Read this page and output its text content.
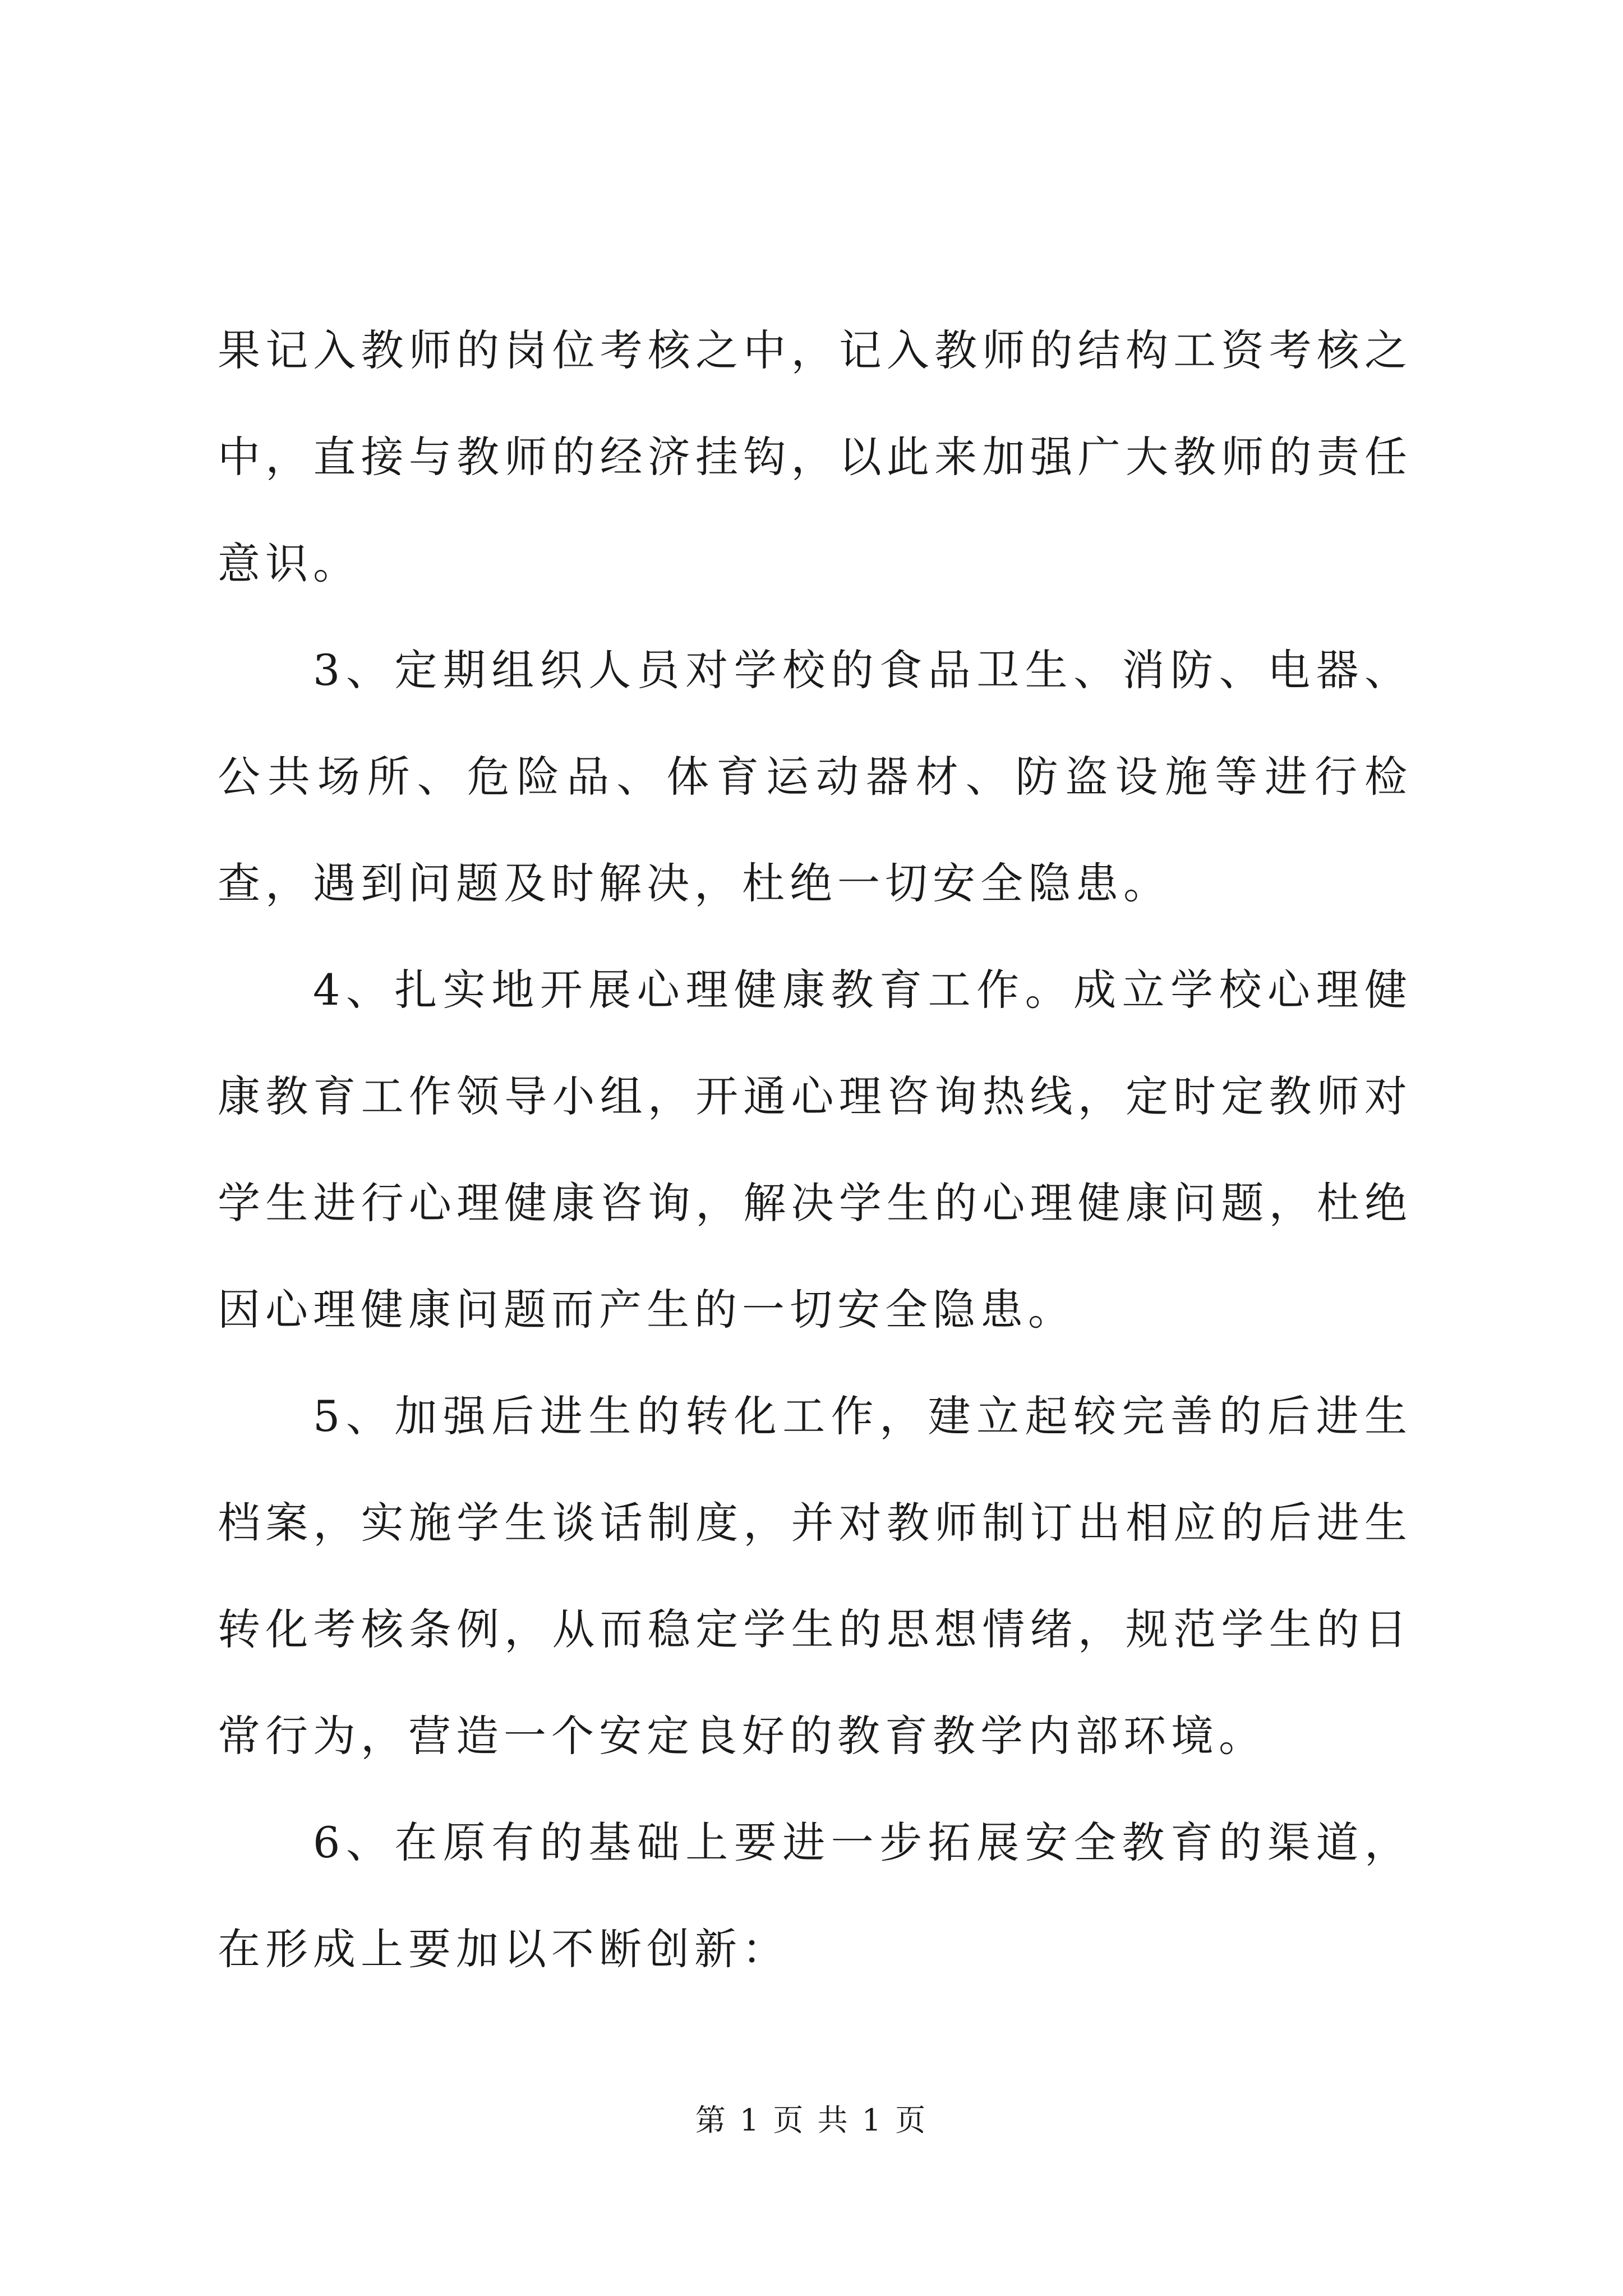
果记入教师的岗位考核之中，记入教师的结构工资考核之中，直接与教师的经济挂钩，以此来加强广大教师的责任意识。

3、定期组织人员对学校的食品卫生、消防、电器、公共场所、危险品、体育运动器材、防盗设施等进行检查，遇到问题及时解决，杜绝一切安全隐患。

4、扎实地开展心理健康教育工作。成立学校心理健康教育工作领导小组，开通心理咨询热线，定时定教师对学生进行心理健康咨询，解决学生的心理健康问题，杜绝因心理健康问题而产生的一切安全隐患。

5、加强后进生的转化工作，建立起较完善的后进生档案，实施学生谈话制度，并对教师制订出相应的后进生转化考核条例，从而稳定学生的思想情绪，规范学生的日常行为，营造一个安定良好的教育教学内部环境。

6、在原有的基础上要进一步拓展安全教育的渠道，在形成上要加以不断创新：

第 1 页 共 1 页
